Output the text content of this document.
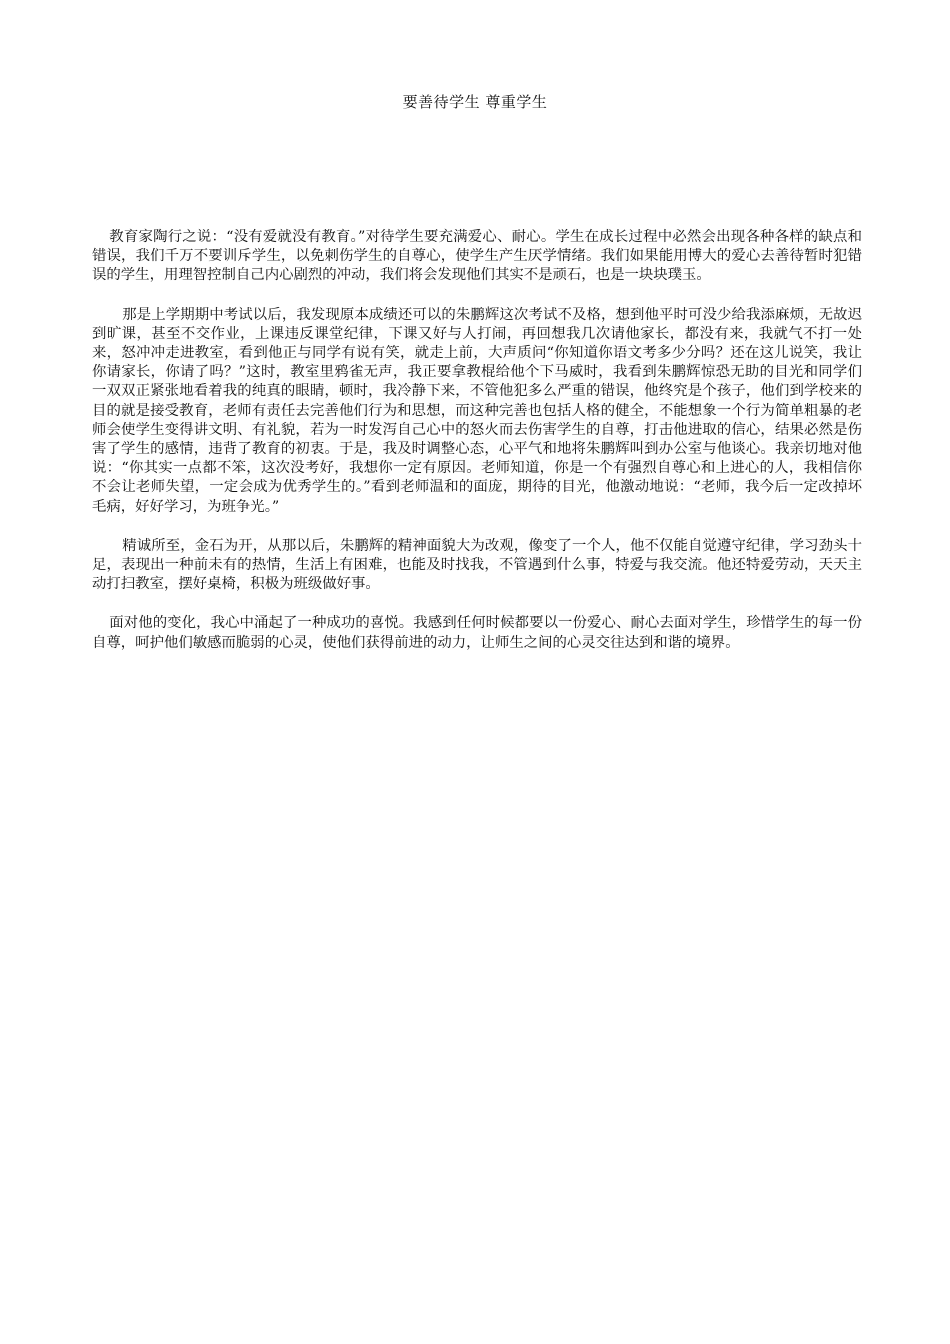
要善待学生 尊重学生

教育家陶行之说：“没有爱就没有教育。”对待学生要充满爱心、耐心。学生在成长过程中必然会出现各种各样的缺点和错误，我们千万不要训斥学生，以免刺伤学生的自尊心，使学生产生厌学情绪。我们如果能用博大的爱心去善待暂时犯错误的学生，用理智控制自己内心剧烈的冲动，我们将会发现他们其实不是顽石，也是一块块璞玉。

那是上学期期中考试以后，我发现原本成绩还可以的朱鹏辉这次考试不及格，想到他平时可没少给我添麻烦，无故迟到旷课，甚至不交作业，上课违反课堂纪律，下课又好与人打闹，再回想我几次请他家长，都没有来，我就气不打一处来，怒冲冲走进教室，看到他正与同学有说有笑，就走上前，大声质问“你知道你语文考多少分吗？还在这儿说笑，我让你请家长，你请了吗？”这时，教室里鸦雀无声，我正要拿教棍给他个下马威时，我看到朱鹏辉惊恐无助的目光和同学们一双双正紧张地看着我的纯真的眼睛，顿时，我冷静下来，不管他犯多么严重的错误，他终究是个孩子，他们到学校来的目的就是接受教育，老师有责任去完善他们行为和思想，而这种完善也包括人格的健全，不能想象一个行为简单粗暴的老师会使学生变得讲文明、有礼貌，若为一时发泻自己心中的怒火而去伤害学生的自尊，打击他进取的信心，结果必然是伤害了学生的感情，违背了教育的初衷。于是，我及时调整心态，心平气和地将朱鹏辉叫到办公室与他谈心。我亲切地对他说：“你其实一点都不笨，这次没考好，我想你一定有原因。老师知道，你是一个有强烈自尊心和上进心的人，我相信你不会让老师失望，一定会成为优秀学生的。”看到老师温和的面庞，期待的目光，他激动地说：“老师，我今后一定改掉坏毛病，好好学习，为班争光。”

精诚所至，金石为开，从那以后，朱鹏辉的精神面貌大为改观，像变了一个人，他不仅能自觉遵守纪律，学习劲头十足，表现出一种前未有的热情，生活上有困难，也能及时找我，不管遇到什么事，特爱与我交流。他还特爱劳动，天天主动打扫教室，摆好桌椅，积极为班级做好事。

面对他的变化，我心中涌起了一种成功的喜悦。我感到任何时候都要以一份爱心、耐心去面对学生，珍惜学生的每一份自尊，呵护他们敏感而脆弱的心灵，使他们获得前进的动力，让师生之间的心灵交往达到和谐的境界。
